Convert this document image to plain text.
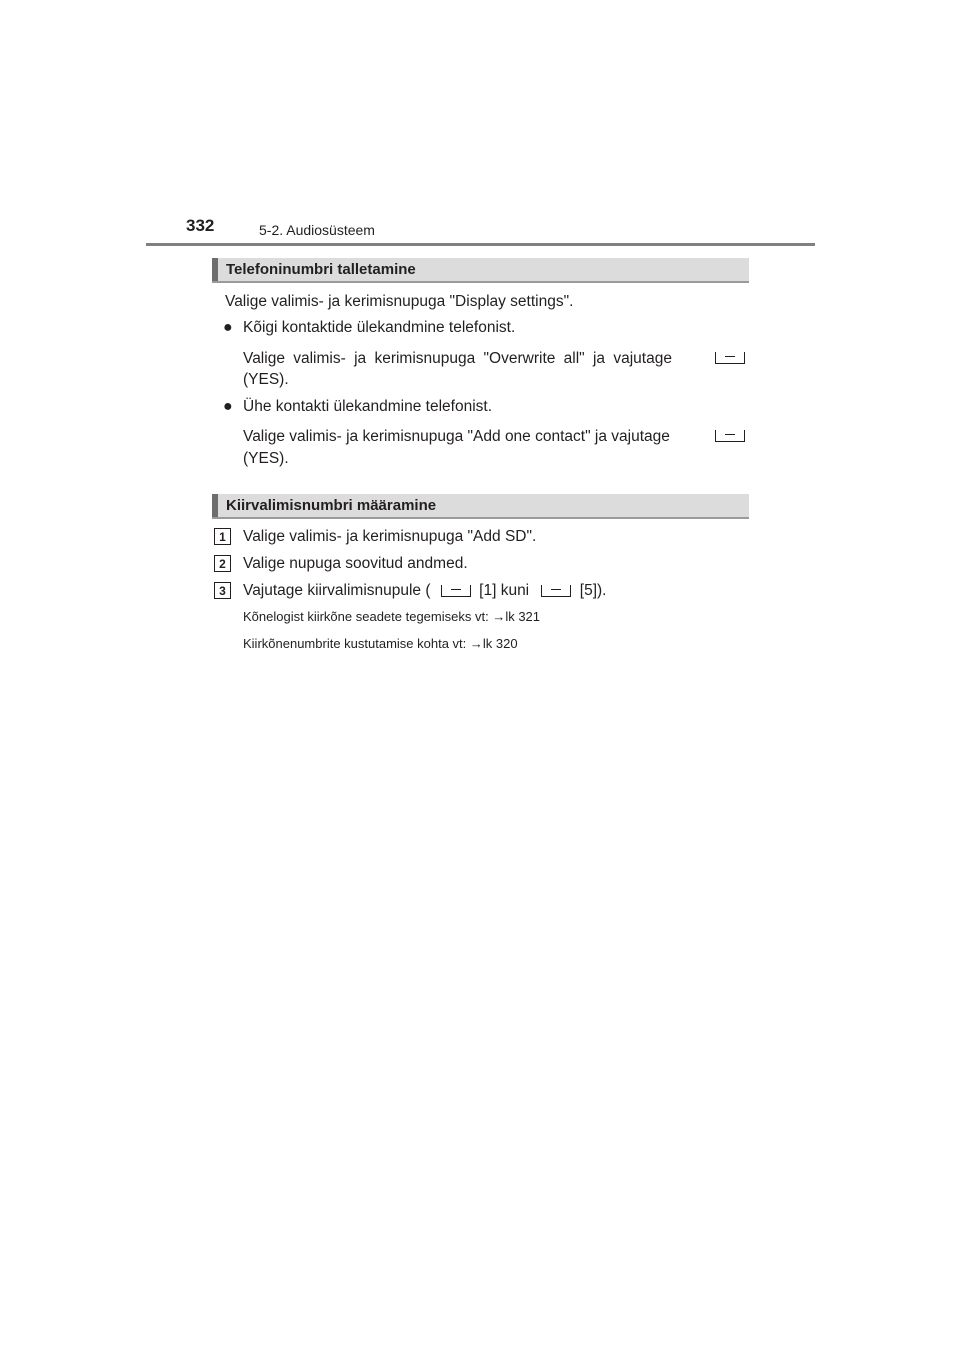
332	5-2. Audiosüsteem
Telefoninumbri talletamine
Valige valimis- ja kerimisnupuga "Display settings".
● Kõigi kontaktide ülekandmine telefonist.
Valige valimis- ja kerimisnupuga "Overwrite all" ja vajutage
(YES).
● Ühe kontakti ülekandmine telefonist.
Valige valimis- ja kerimisnupuga "Add one contact" ja vajutage
(YES).
Kiirvalimisnumbri määramine
1	Valige valimis- ja kerimisnupuga "Add SD".
2	Valige nupuga soovitud andmed.
3	Vajutage kiirvalimisnupule (	[1] kuni	[5]).
Kõnelogist kiirkõne seadete tegemiseks vt: →lk 321
Kiirkõnenumbrite kustutamise kohta vt: →lk 320
